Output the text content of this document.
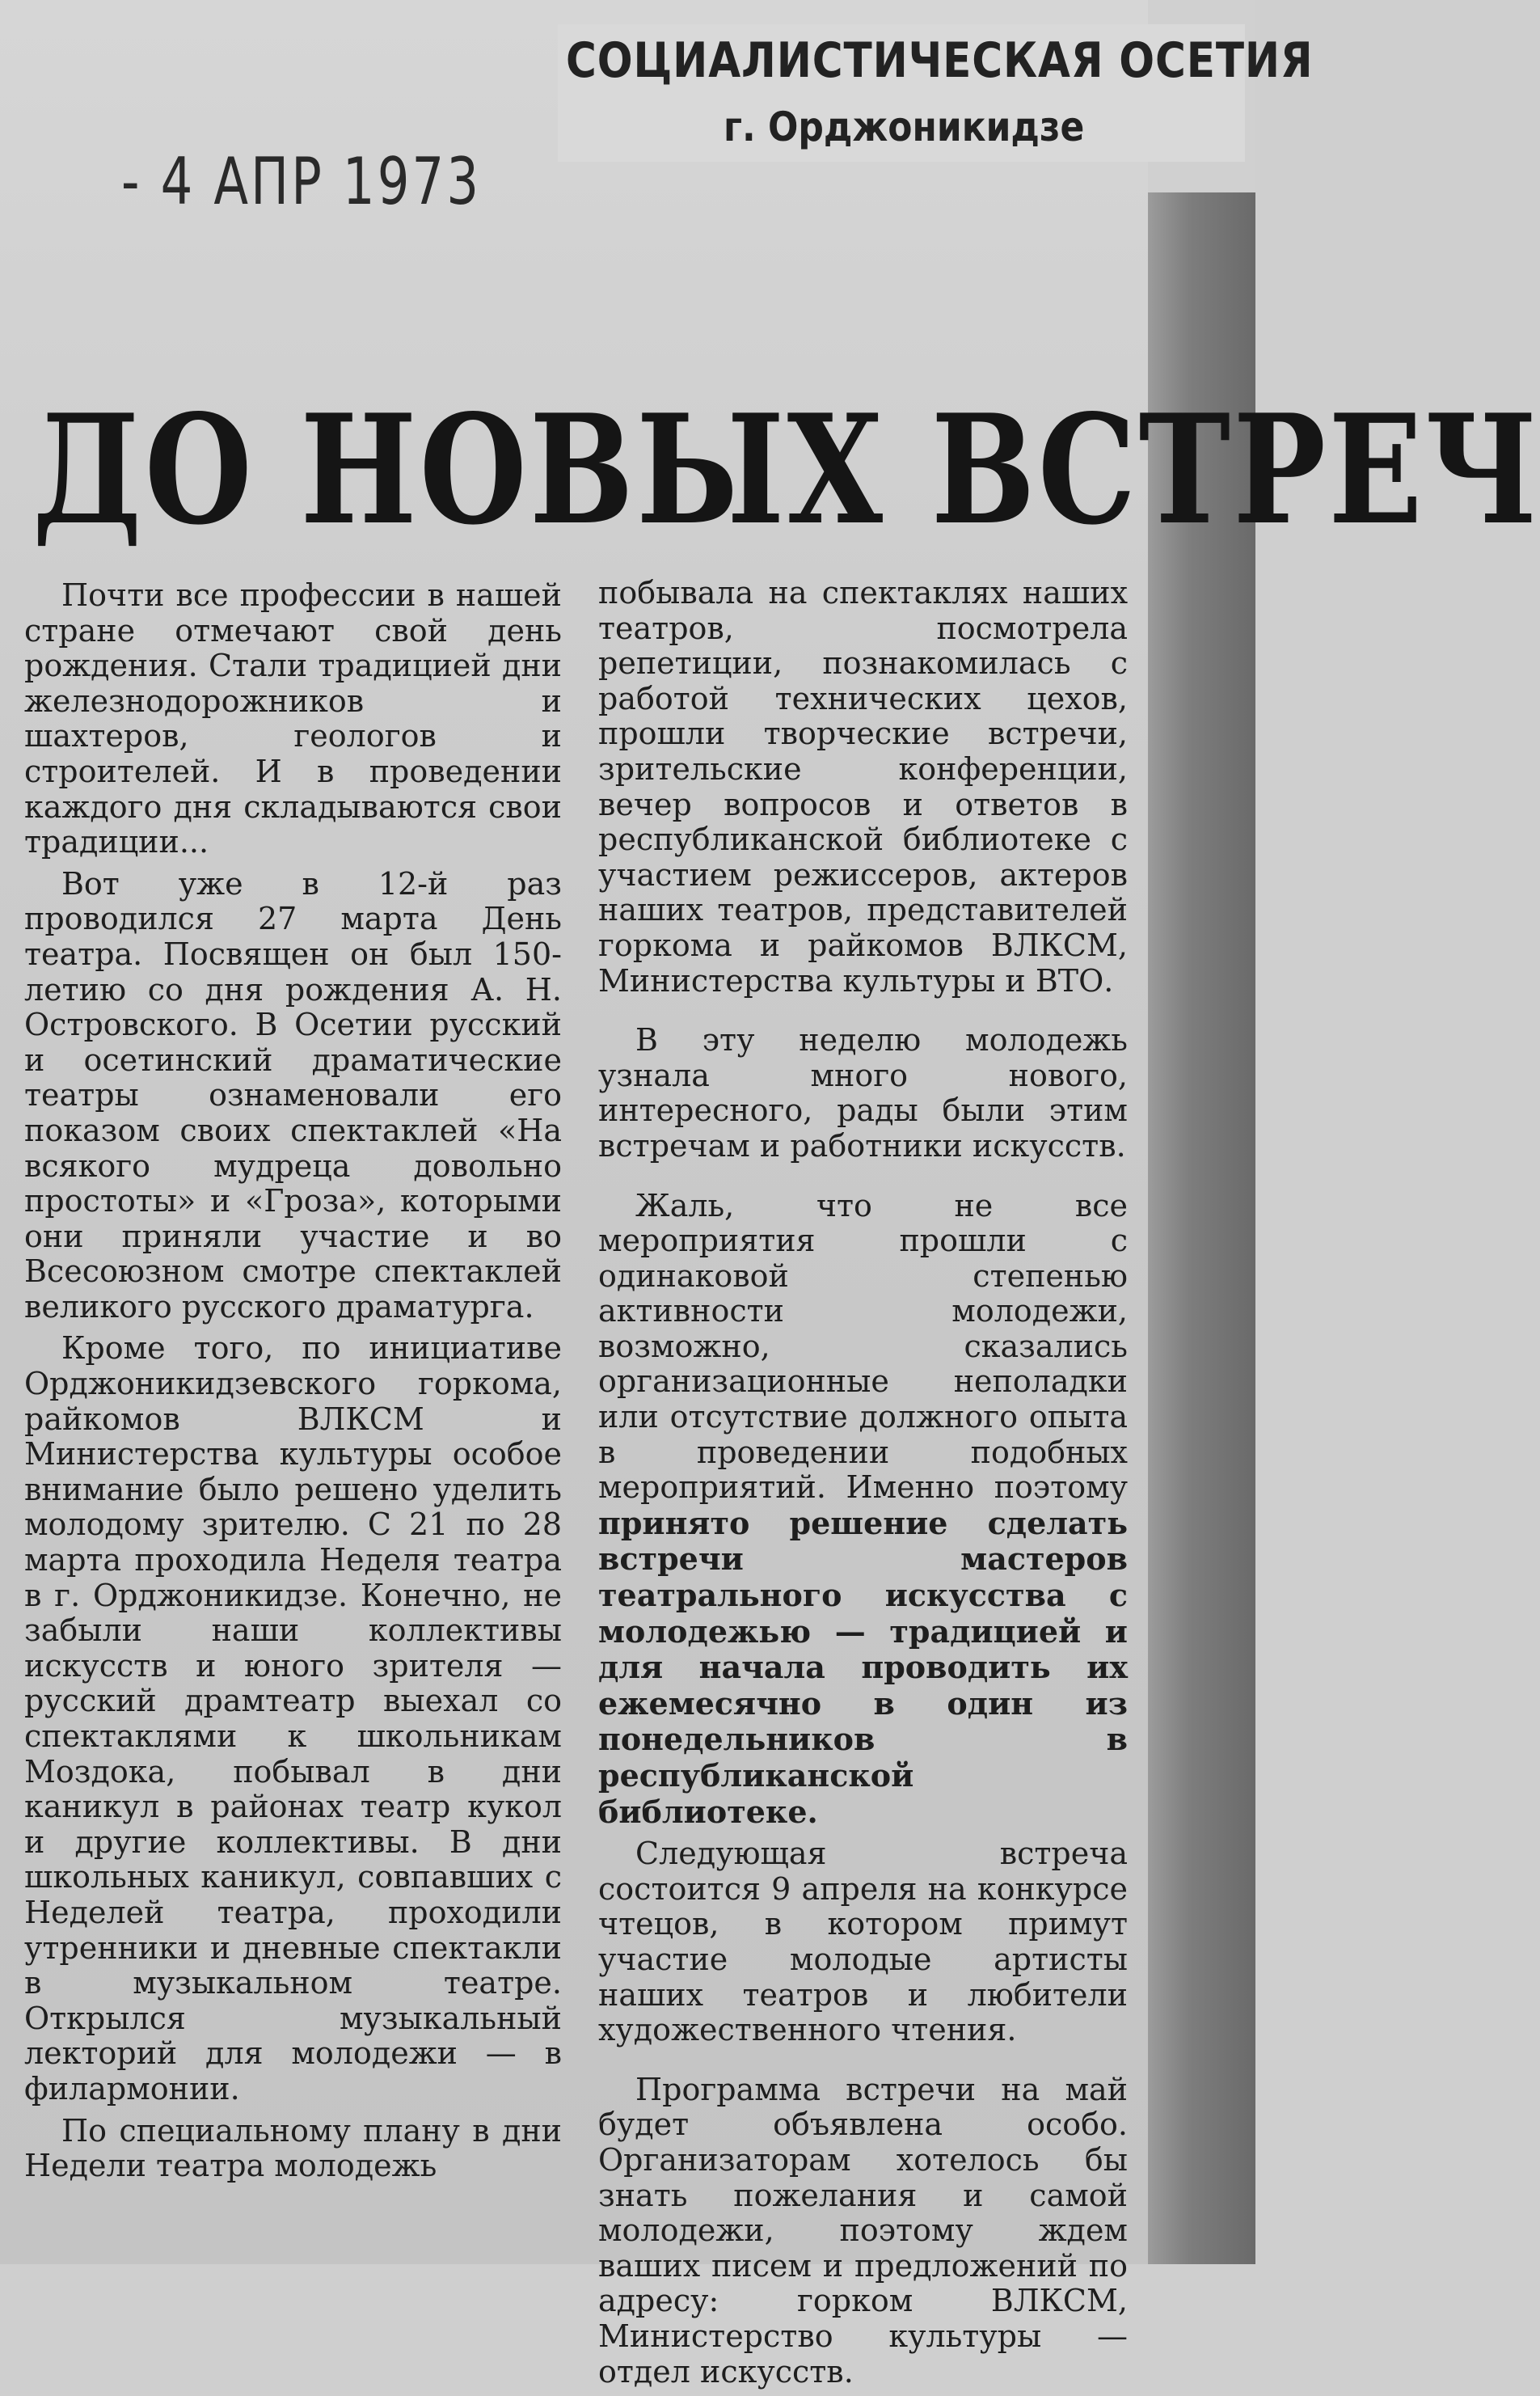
СОЦИАЛИСТИЧЕСКАЯ ОСЕТИЯ
г. Орджоникидзе
- 4 АПР 1973
ДО НОВЫХ ВСТРЕЧ

Почти все профессии в нашей стране отмечают свой день рождения. Стали традицией дни железнодорожников и шахтеров, геологов и строителей. И в проведении каждого дня складываются свои традиции...

Вот уже в 12-й раз проводился 27 марта День театра. Посвящен он был 150-летию со дня рождения А. Н. Островского. В Осетии русский и осетинский драматические театры ознаменовали его показом своих спектаклей «На всякого мудреца довольно простоты» и «Гроза», которыми они приняли участие и во Всесоюзном смотре спектаклей великого русского драматурга.

Кроме того, по инициативе Орджоникидзевского горкома, райкомов ВЛКСМ и Министерства культуры особое внимание было решено уделить молодому зрителю. С 21 по 28 марта проходила Неделя театра в г. Орджоникидзе. Конечно, не забыли наши коллективы искусств и юного зрителя — русский драмтеатр выехал со спектаклями к школьникам Моздока, побывал в дни каникул в районах театр кукол и другие коллективы. В дни школьных каникул, совпавших с Неделей театра, проходили утренники и дневные спектакли в музыкальном театре. Открылся музыкальный лекторий для молодежи — в филармонии.

По специальному плану в дни Недели театра молодежь

побывала на спектаклях наших театров, посмотрела репетиции, познакомилась с работой технических цехов, прошли творческие встречи, зрительские конференции, вечер вопросов и ответов в республиканской библиотеке с участием режиссеров, актеров наших театров, представителей горкома и райкомов ВЛКСМ, Министерства культуры и ВТО.

В эту неделю молодежь узнала много нового, интересного, рады были этим встречам и работники искусств.

Жаль, что не все мероприятия прошли с одинаковой степенью активности молодежи, возможно, сказались организационные неполадки или отсутствие должного опыта в проведении подобных мероприятий. Именно поэтому принято решение сделать встречи мастеров театрального искусства с молодежью — традицией и для начала проводить их ежемесячно в один из понедельников в республиканской библиотеке.

Следующая встреча состоится 9 апреля на конкурсе чтецов, в котором примут участие молодые артисты наших театров и любители художественного чтения.

Программа встречи на май будет объявлена особо. Организаторам хотелось бы знать пожелания и самой молодежи, поэтому ждем ваших писем и предложений по адресу: горком ВЛКСМ, Министерство культуры — отдел искусств.
